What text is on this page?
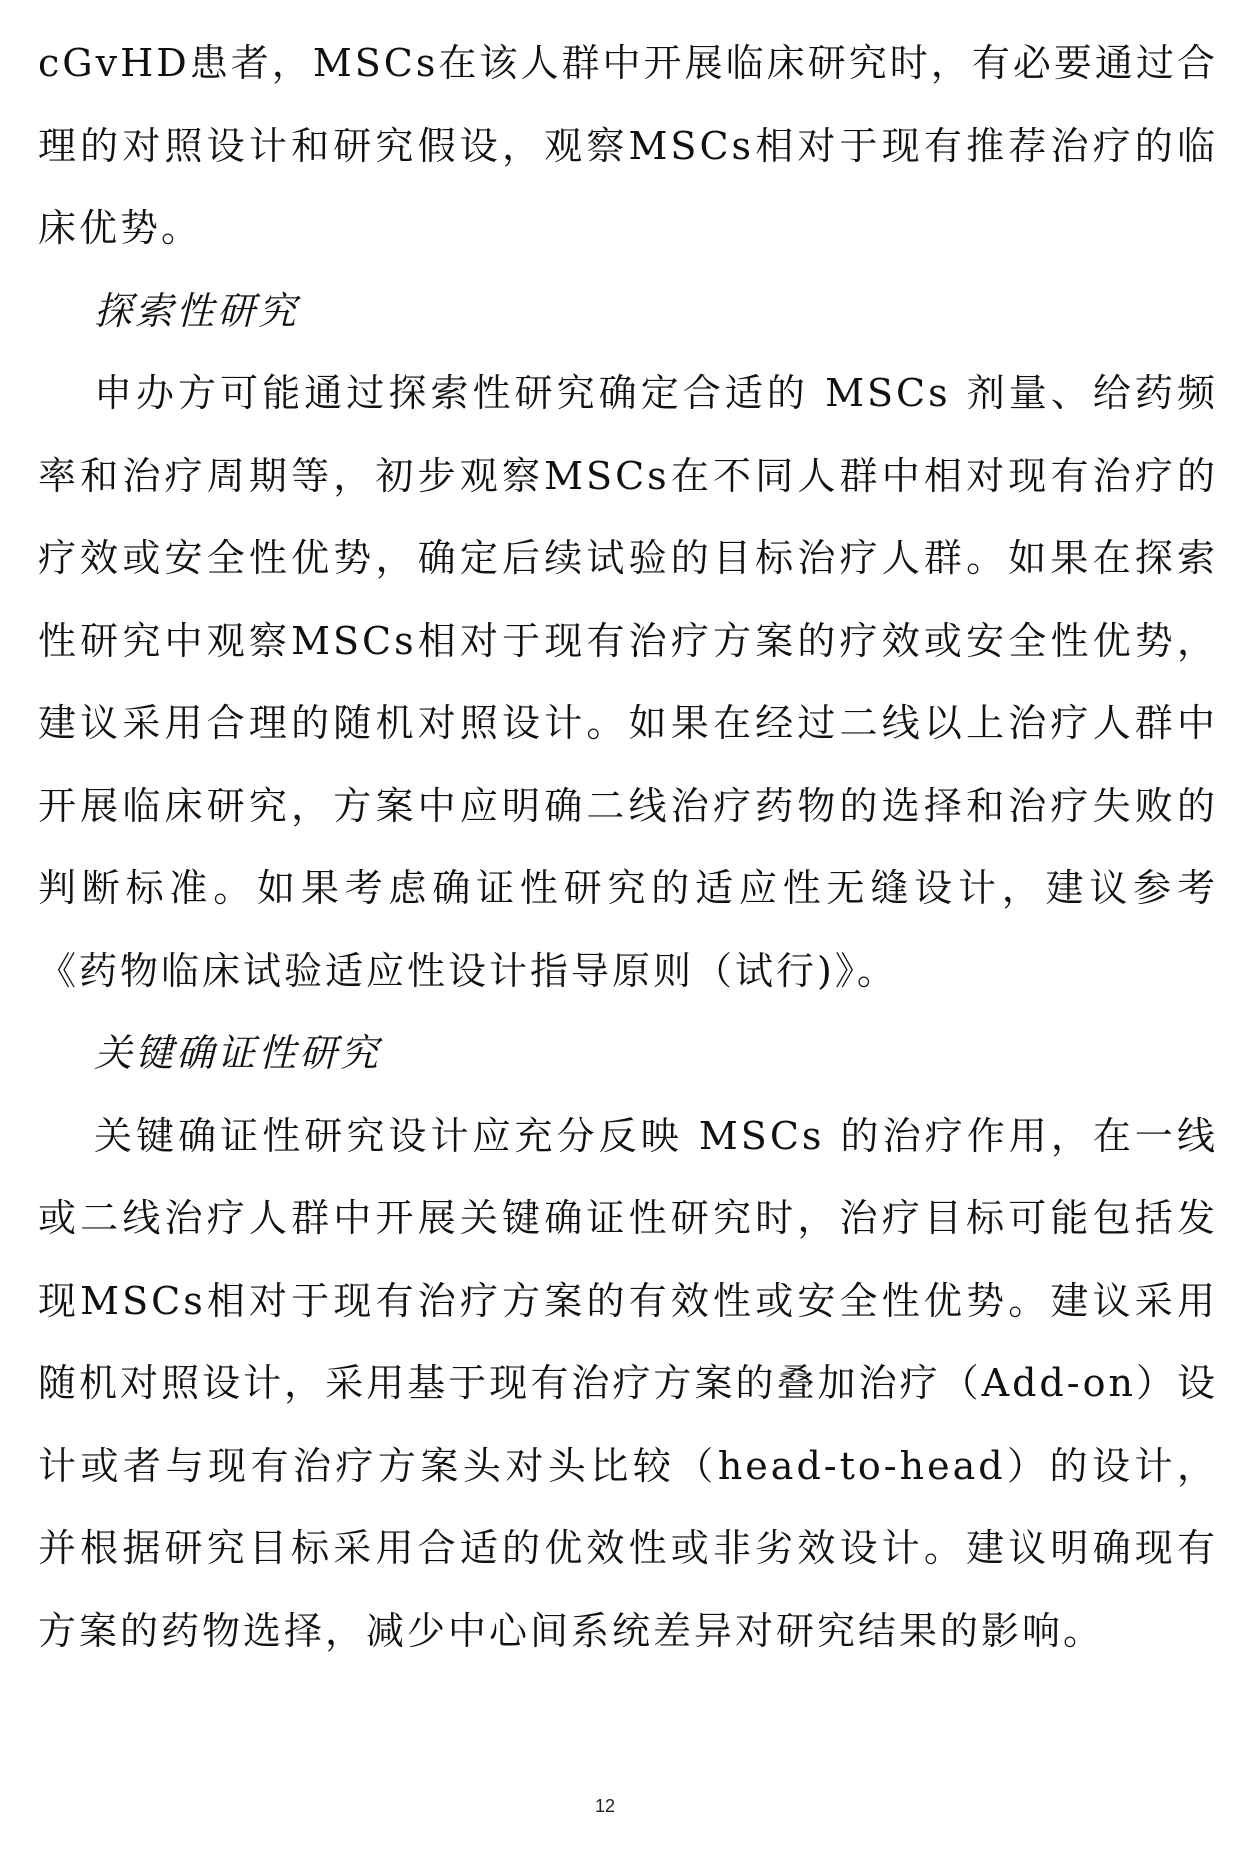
cGvHD患者，MSCs在该人群中开展临床研究时，有必要通过合理的对照设计和研究假设，观察MSCs相对于现有推荐治疗的临床优势。

探索性研究

申办方可能通过探索性研究确定合适的 MSCs 剂量、给药频率和治疗周期等，初步观察MSCs在不同人群中相对现有治疗的疗效或安全性优势，确定后续试验的目标治疗人群。如果在探索性研究中观察MSCs相对于现有治疗方案的疗效或安全性优势，建议采用合理的随机对照设计。如果在经过二线以上治疗人群中开展临床研究，方案中应明确二线治疗药物的选择和治疗失败的判断标准。如果考虑确证性研究的适应性无缝设计，建议参考《药物临床试验适应性设计指导原则（试行)》。

关键确证性研究

关键确证性研究设计应充分反映 MSCs 的治疗作用，在一线或二线治疗人群中开展关键确证性研究时，治疗目标可能包括发现MSCs相对于现有治疗方案的有效性或安全性优势。建议采用随机对照设计，采用基于现有治疗方案的叠加治疗（Add-on）设计或者与现有治疗方案头对头比较（head-to-head）的设计，并根据研究目标采用合适的优效性或非劣效设计。建议明确现有方案的药物选择，减少中心间系统差异对研究结果的影响。

12
